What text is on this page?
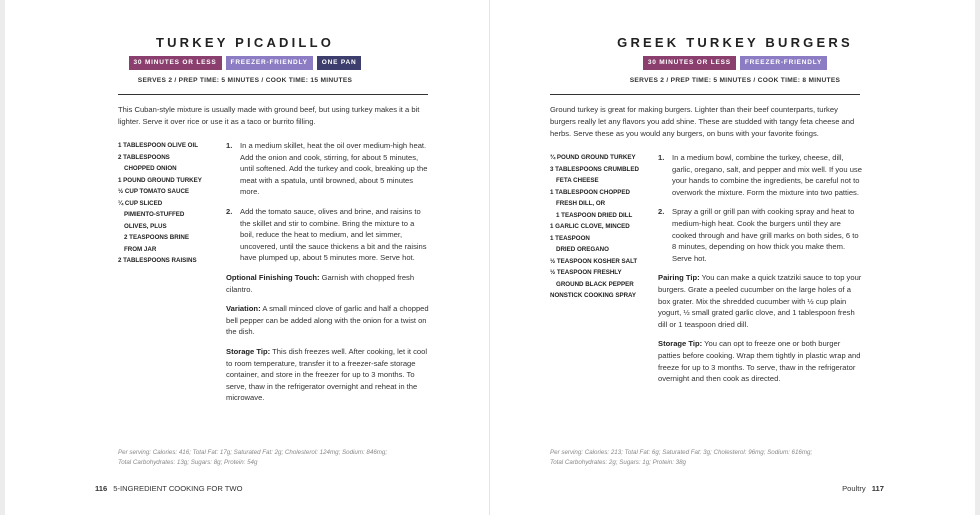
TURKEY PICADILLO
30 MINUTES OR LESS FREEZER-FRIENDLY ONE PAN
SERVES 2 / PREP TIME: 5 MINUTES / COOK TIME: 15 MINUTES
This Cuban-style mixture is usually made with ground beef, but using turkey makes it a bit lighter. Serve it over rice or use it as a taco or burrito filling.
1 TABLESPOON OLIVE OIL
2 TABLESPOONS
CHOPPED ONION
1 POUND GROUND TURKEY
½ CUP TOMATO SAUCE
¼ CUP SLICED
PIMIENTO-STUFFED
OLIVES, PLUS
2 TEASPOONS BRINE
FROM JAR
2 TABLESPOONS RAISINS
1. In a medium skillet, heat the oil over medium-high heat. Add the onion and cook, stirring, for about 5 minutes, until softened. Add the turkey and cook, breaking up the meat with a spatula, until browned, about 5 minutes more.
2. Add the tomato sauce, olives and brine, and raisins to the skillet and stir to combine. Bring the mixture to a boil, reduce the heat to medium, and let simmer, uncovered, until the sauce thickens a bit and the raisins have plumped up, about 5 minutes more. Serve hot.
Optional Finishing Touch: Garnish with chopped fresh cilantro.
Variation: A small minced clove of garlic and half a chopped bell pepper can be added along with the onion for a twist on the dish.
Storage Tip: This dish freezes well. After cooking, let it cool to room temperature, transfer it to a freezer-safe storage container, and store in the freezer for up to 3 months. To serve, thaw in the refrigerator overnight and reheat in the microwave.
Per serving: Calories: 416; Total Fat: 17g; Saturated Fat: 2g; Cholesterol: 124mg; Sodium: 846mg;
Total Carbohydrates: 13g; Sugars: 8g; Protein: 54g
116 5-INGREDIENT COOKING FOR TWO
GREEK TURKEY BURGERS
30 MINUTES OR LESS FREEZER-FRIENDLY
SERVES 2 / PREP TIME: 5 MINUTES / COOK TIME: 8 MINUTES
Ground turkey is great for making burgers. Lighter than their beef counterparts, turkey burgers really let any flavors you add shine. These are studded with tangy feta cheese and herbs. Serve these as you would any burgers, on buns with your favorite fixings.
¾ POUND GROUND TURKEY
3 TABLESPOONS CRUMBLED
FETA CHEESE
1 TABLESPOON CHOPPED
FRESH DILL, OR
1 TEASPOON DRIED DILL
1 GARLIC CLOVE, MINCED
1 TEASPOON
DRIED OREGANO
½ TEASPOON KOSHER SALT
½ TEASPOON FRESHLY
GROUND BLACK PEPPER
NONSTICK COOKING SPRAY
1. In a medium bowl, combine the turkey, cheese, dill, garlic, oregano, salt, and pepper and mix well. If you use your hands to combine the ingredients, be careful not to overwork the mixture. Form the mixture into two patties.
2. Spray a grill or grill pan with cooking spray and heat to medium-high heat. Cook the burgers until they are cooked through and have grill marks on both sides, 6 to 8 minutes, depending on how thick you make them. Serve hot.
Pairing Tip: You can make a quick tzatziki sauce to top your burgers. Grate a peeled cucumber on the large holes of a box grater. Mix the shredded cucumber with ½ cup plain yogurt, ½ small grated garlic clove, and 1 tablespoon fresh dill or 1 teaspoon dried dill.
Storage Tip: You can opt to freeze one or both burger patties before cooking. Wrap them tightly in plastic wrap and freeze for up to 3 months. To serve, thaw in the refrigerator overnight and then cook as directed.
Per serving: Calories: 213; Total Fat: 6g; Saturated Fat: 3g; Cholesterol: 96mg; Sodium: 616mg;
Total Carbohydrates: 2g; Sugars: 1g; Protein: 38g
Poultry 117
